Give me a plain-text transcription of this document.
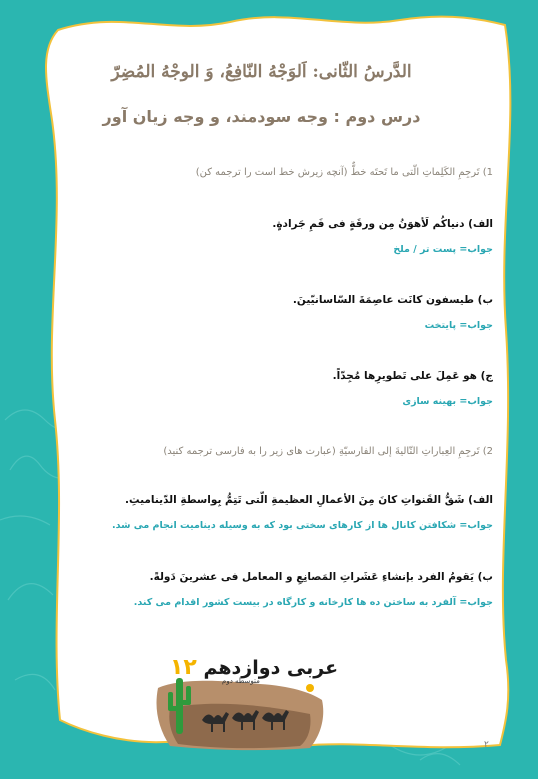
الدَّرسُ الثّانی: اَلوَجْهُ النّافِعُ، وَ الوجْهُ المُضِرّ
درس دوم : وجه سودمند، و وجه زیان آور
1) تَرجِمِ الکَلِماتِ الّتی ما تَحتَه خطٌّ (آنچه زیرش خط است را ترجمه کن)
الف) دنیاکُم لَأهوَنُ مِن ورقَةٍ فی فَمِ جَرادةٍ.
جواب= پست تر / ملخ
ب) طیسفون کانَت عاصِمَةَ السّاسانیّینَ.
جواب= پایتخت
ج) هو عَمِلَ علی تَطویرِها مُجِدّاً.
جواب= بهینه سازی
2) تَرجِمِ العِباراتِ التّالیةَ إلی الفارسیّةِ (عبارت های زیر را به فارسی ترجمه کنید)
الف) شَقُّ القَنواتِ کانَ مِنَ الأعمالِ العظیمةِ الّتی تَتِمُّ بِواسطةِ الدّینامیتِ.
جواب= شکافتن کانال ها از کارهای سختی بود که به وسیله دینامیت انجام می شد.
ب) یَقومُ الفرد بإنشاءِ عَشَراتِ المَصانِعِ و المعامل فی عشرینَ دَولةً.
جواب= آلفرد به ساختن ده ها کارخانه و کارگاه در بیست کشور اقدام می کند.
عربی دوازدهم ۱۲
متوسطه دوم
۲
